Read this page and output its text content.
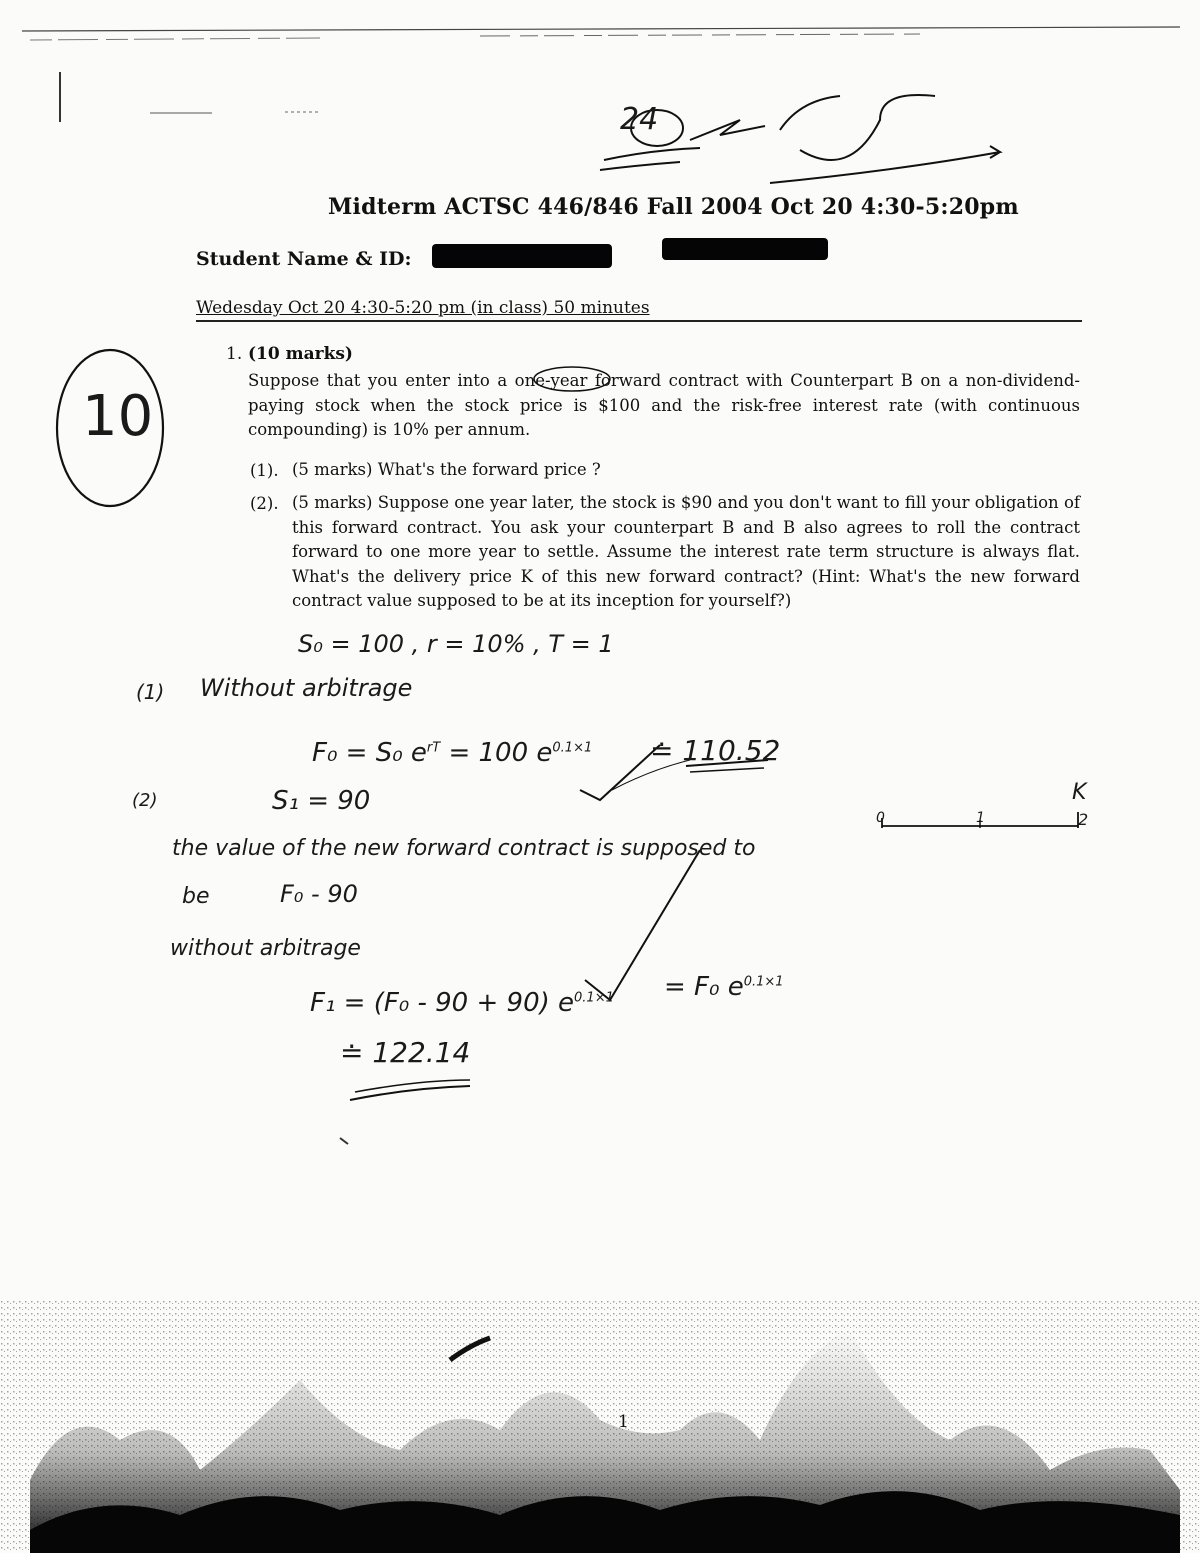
24
Midterm ACTSC 446/846 Fall 2004 Oct 20 4:30-5:20pm
Student Name & ID:
Wedesday Oct 20 4:30-5:20 pm (in class) 50 minutes
10
1. (10 marks)
Suppose that you enter into a one-year forward contract with Counterpart B on a non-dividend-paying stock when the stock price is $100 and the risk-free interest rate (with continuous compounding) is 10% per annum.
(1). (5 marks) What's the forward price ?
(2). (5 marks) Suppose one year later, the stock is $90 and you don't want to fill your obligation of this forward contract. You ask your counterpart B and B also agrees to roll the contract forward to one more year to settle. Assume the interest rate term structure is always flat. What's the delivery price K of this new forward contract? (Hint: What's the new forward contract value supposed to be at its inception for yourself?)
S₀ = 100 , r = 10% , T = 1
(1) Without arbitrage
F₀ = S₀ $e^{rT} = 100$ $e^{0.1\times 1}$ ≐ 110.52
(2)	S₁ = 90	K
0	1	2
the value of the new forward contract is supposed to
be	F₀ - 90
without arbitrage
F₁ = (F₀ - 90 + 90) $e^{0.1\times 1} = F_0$ $e^{0.1\times 1}$
≐ 122.14
1
